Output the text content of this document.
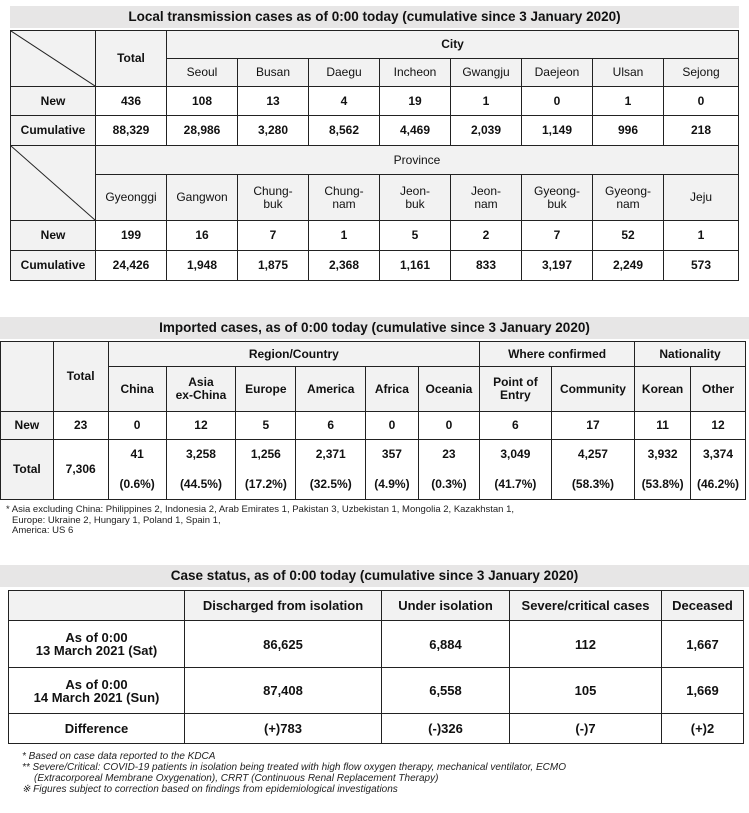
Local transmission cases as of 0:00 today (cumulative since 3 January 2020)
	Total	City							
		Seoul	Busan	Daegu	Incheon	Gwangju	Daejeon	Ulsan	Sejong
New	436	108	13	4	19	1	0	1	0
Cumulative	88,329	28,986	3,280	8,562	4,469	2,039	1,149	996	218

	Province								
	Gyeonggi	Gangwon	Chung-
buk	Chung-
nam	Jeon-
buk	Jeon-
nam	Gyeong-
buk	Gyeong-
nam	Jeju

New	199	16	7	1	5	2	7	52	1
Cumulative	24,426	1,948	1,875	2,368	1,161	833	3,197	2,249	573
Imported cases, as of 0:00 today (cumulative since 3 January 2020)
	Total	Region/Country						Where confirmed		Nationality	
		China	Asia
ex-China	Europe	America	Africa	Oceania	Point of
Entry	Community	Korean	Other
New	23	0	12	5	6	0	0	6	17	11	12
Total	7,306	41	3,258	1,256	2,371	357	23	3,049	4,257	3,932	3,374
		(0.6%)	(44.5%)	(17.2%)	(32.5%)	(4.9%)	(0.3%)	(41.7%)	(58.3%)	(53.8%)	(46.2%)
* Asia excluding China: Philippines 2, Indonesia 2, Arab Emirates 1, Pakistan 3, Uzbekistan 1, Mongolia 2, Kazakhstan 1,
Europe: Ukraine 2, Hungary 1, Poland 1, Spain 1,
America: US 6
Case status, as of 0:00 today (cumulative since 3 January 2020)
	Discharged from isolation	Under isolation	Severe/critical cases	Deceased
As of 0:00
13 March 2021 (Sat)	86,625	6,884	112	1,667
As of 0:00
14 March 2021 (Sun)	87,408	6,558	105	1,669
Difference	(+)783	(-)326	(-)7	(+)2
* Based on case data reported to the KDCA
** Severe/Critical: COVID-19 patients in isolation being treated with high flow oxygen therapy, mechanical ventilator, ECMO
(Extracorporeal Membrane Oxygenation), CRRT (Continuous Renal Replacement Therapy)
※ Figures subject to correction based on findings from epidemiological investigations
